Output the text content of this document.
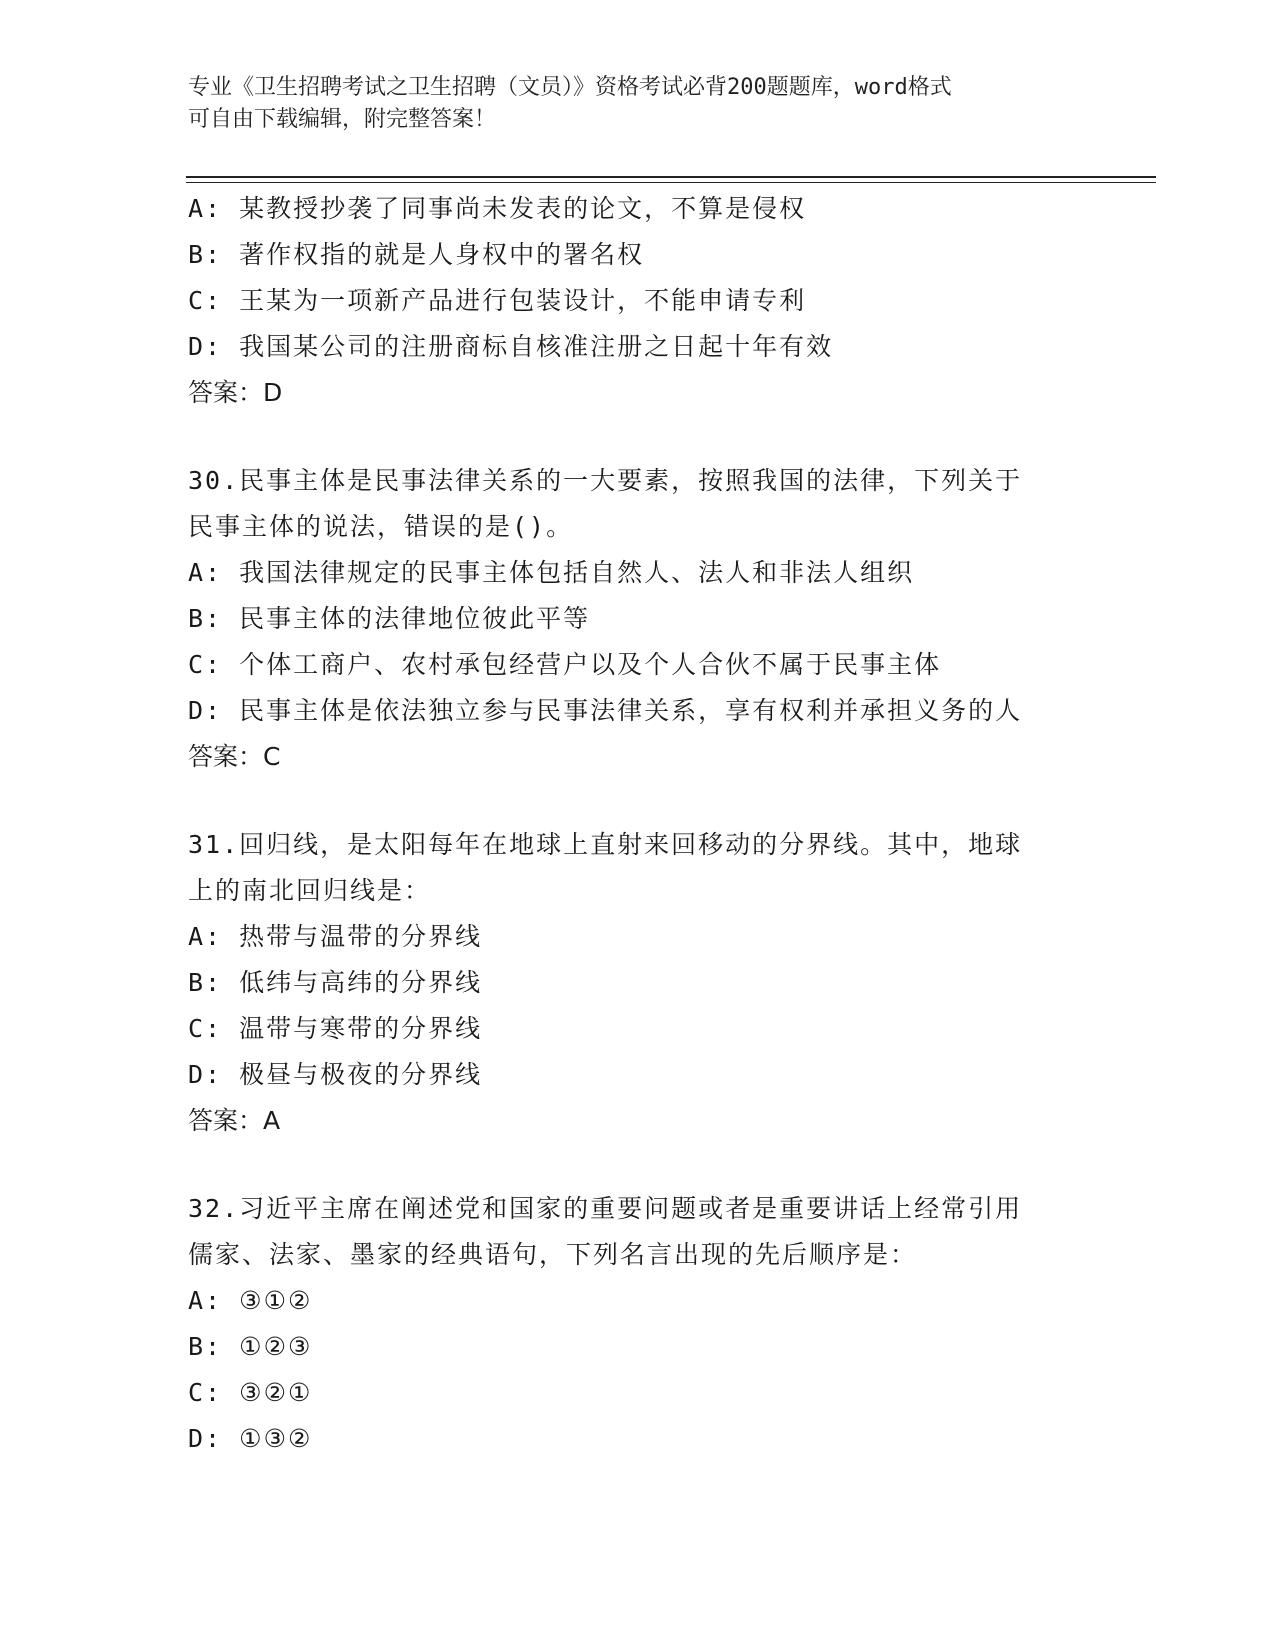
专业《卫生招聘考试之卫生招聘（文员）》资格考试必背200题题库，word格式
可自由下载编辑，附完整答案！
A: 某教授抄袭了同事尚未发表的论文，不算是侵权
B: 著作权指的就是人身权中的署名权
C: 王某为一项新产品进行包装设计，不能申请专利
D: 我国某公司的注册商标自核准注册之日起十年有效
答案：D
30.民事主体是民事法律关系的一大要素，按照我国的法律，下列关于
民事主体的说法，错误的是()。
A: 我国法律规定的民事主体包括自然人、法人和非法人组织
B: 民事主体的法律地位彼此平等
C: 个体工商户、农村承包经营户以及个人合伙不属于民事主体
D: 民事主体是依法独立参与民事法律关系，享有权利并承担义务的人
答案：C
31.回归线，是太阳每年在地球上直射来回移动的分界线。其中，地球
上的南北回归线是：
A: 热带与温带的分界线
B: 低纬与高纬的分界线
C: 温带与寒带的分界线
D: 极昼与极夜的分界线
答案：A
32.习近平主席在阐述党和国家的重要问题或者是重要讲话上经常引用
儒家、法家、墨家的经典语句，下列名言出现的先后顺序是：
A: ③①②
B: ①②③
C: ③②①
D: ①③②
